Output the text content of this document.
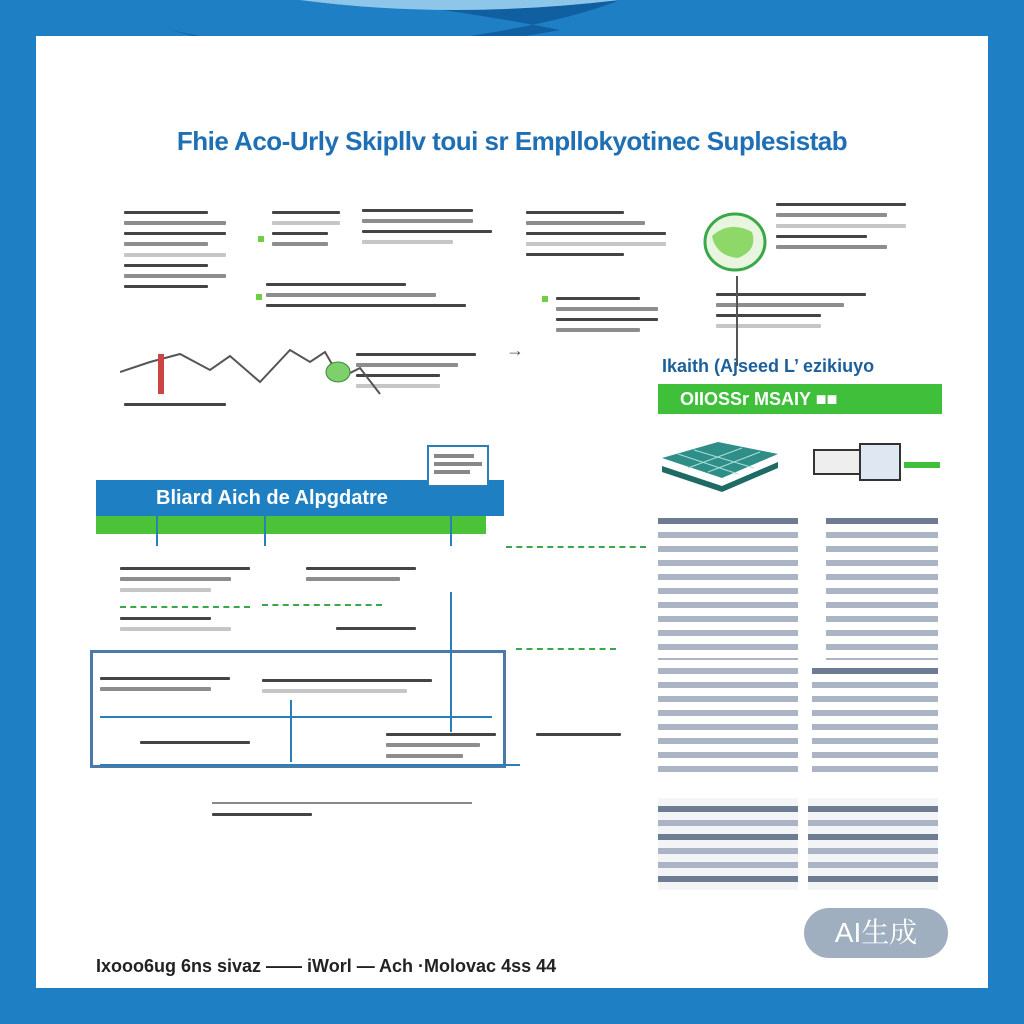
Fhie Aco-Urly Skipllv toui sr Empllokyotinec Suplesistab
→
Ikaith (Ajseed L’ ezikiuyo
OIIOSSr MSAIY ■■
Bliard Aich de Alpgdatre
Ixooo6ug 6ns sivaz —— iWorl — Ach ·Molovac 4ss 44
AI生成
